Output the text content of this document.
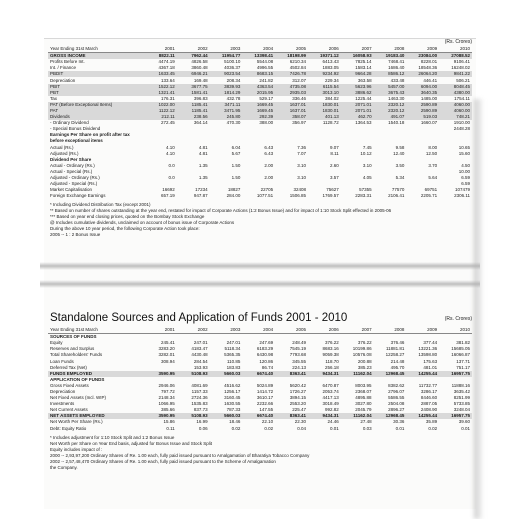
(Rs. Crores)
Year Ending 31st March	2001	2002	2003	2004	2005	2006	2007	2008	2009	2010
GROSS INCOME	8822.11	7962.44	11954.77	13398.41	18198.99	19371.12	16058.93	19183.40	23084.00	27088.52
Profits Before Int.	4474.19	4826.58	5100.10	5544.08	6210.34	6413.43	7825.14	7468.41	8228.01	9106.41
Int. / Finance	4367.18	3860.48	4036.37	4996.55	4502.84	1883.05	1583.14	1686.40	18548.36	16248.02
PBDIT	1633.45	6946.21	9023.54	8683.15	7426.78	9234.92	9664.28	8586.12	26064.20	9841.22
Depreciation	133.64	169.48	208.34	241.82	312.07	229.34	363.58	433.48	446.41	506.21
PBIT	1522.12	3677.75	3839.93	4363.54	4735.08	6115.54	5623.96	5457.00	6094.00	8048.45
PBT	1321.41	1581.41	1814.29	2015.95	2935.03	3013.10	3886.62	3675.43	3640.35	4380.00
Tax	176.31	396.83	432.78	529.17	336.46	384.02	1225.44	1463.30	1485.00	1754.11
PAT (Before Exceptional Items)	1022.00	1185.41	3471.11	1669.45	1637.01	1830.01	2071.01	2320.12	2590.89	4060.00
PAT	1122.12	1185.41	3471.95	1669.45	1637.01	1830.01	2071.01	2320.12	2590.89	4060.00
Dividends	212.11	238.56	245.80	292.39	358.07	401.13	462.70	491.07	519.03	748.21
- Ordinary Dividend	272.45	364.14	470.30	388.00	356.97	1128.72	1364.53	1540.18	1660.07	1910.00
- Special Bonus Dividend										2448.28
Earnings Per Share on profit after tax										
before exceptional items										
Actual (Rs.)	4.10	4.81	6.04	6.43	7.36	9.07	7.45	9.58	8.00	10.65
Adjusted (Rs.)	4.10	4.81	5.67	6.43	7.07	8.11	10.12	12.40	12.50	15.60
Dividend Per Share										
Actual - Ordinary (Rs.)	0.0	1.35	1.50	2.00	3.10	2.60	3.10	3.50	3.70	4.50
Actual - Special (Rs.)										10.00
Adjusted - Ordinary (Rs.)	0.0	1.35	1.50	2.00	3.10	3.57	4.05	5.34	5.64	6.59
Adjusted - Special (Rs.)										6.59
Market Capitalisation	16692	17234	18827	22705	32408	75627	57355	77570	69751	107479
Foreign Exchange Earnings	657.19	947.87	284.00	1077.51	1506.85	1769.57	2283.31	2106.41	2205.71	2306.11
* Including Dividend Distribution Tax (except 2001)
** Based on number of shares outstanding at the year end, restated for impact of Corporate Actions (1:2 Bonus Issue) and for impact of 1:10 Stock Split effected in 2005-06
*** Based on year end closing prices, quoted on the Bombay Stock Exchange
@ Includes cumulative dividends, unclaimed on account of bonus issue of Corporate Actions
During the above 10 year period, the following Corporate Action took place:
2005 -- 1 : 2 Bonus Issue
Standalone Sources and Application of Funds 2001 - 2010	(Rs. Crores)
Year Ending 31st March	2001	2002	2003	2004	2005	2006	2007	2008	2009	2010
SOURCES OF FUNDS										
Equity	245.41	247.01	247.01	247.69	248.49	376.22	376.22	376.46	377.44	381.82
Reserves and Surplus	3283.20	4183.47	5118.34	6183.29	7545.19	8683.16	10199.86	11881.81	13221.36	15685.05
Total Shareholders' Funds	3282.01	4430.48	5365.35	6430.98	7793.68	9059.38	10576.08	12258.27	13598.80	16066.87
Loan Funds	308.94	284.54	110.85	120.86	345.55	118.70	200.88	214.48	175.63	137.71
Deferred Tax (Net)		153.93	183.83	86.74	224.13	256.18	385.23	495.70	481.01	751.17
FUNDS EMPLOYED	3590.95	5108.93	5660.03	6674.40	8363.41	9434.31	11162.04	12968.45	14255.44	16957.75
APPLICATION OF FUNDS										
Gross Fixed Assets	2946.06	4081.69	4516.62	5024.89	5620.42	6470.87	8003.95	8382.62	11732.77	11888.16
Depreciation	797.72	1157.33	1256.17	1414.72	1726.27	2053.74	2368.07	2796.07	3286.17	3635.42
Net Fixed Assets (Incl. WIP)	2148.34	2724.36	3160.45	3610.17	3894.15	4417.13	4895.88	5586.55	8446.60	8251.99
Investments	1066.95	1535.83	1630.55	2232.66	2553.20	3018.49	3027.80	2504.08	2887.05	5733.85
Net Current Assets	385.66	837.73	787.33	147.55	225.47	992.82	2045.79	2896.27	2408.90	3248.04
NET ASSETS EMPLOYED	3590.95	5108.93	5660.03	6674.40	8363.41	9434.31	11162.04	12968.45	14255.44	16957.75
Net Worth Per Share (Rs.)	15.86	16.99	18.46	22.10	22.30	24.46	27.48	30.36	35.89	39.60
Debt: Equity Ratio	0.11	0.06	0.02	0.02	0.04	0.01	0.03	0.01	0.02	0.01
* Includes adjustment for 1:10 Stock Split and 1:2 Bonus Issue
Net Worth per Share on Year End basis, adjusted for Bonus Issue and Stock Split
Equity includes impact of :
2000 -- 2,93,97,200 Ordinary Shares of Re. 1.00 each, fully paid issued pursuant to Amalgamation of Bharatiya Tobacco Company
2002 -- 2,57,48,470 Ordinary Shares of Re. 1.00 each, fully paid issued pursuant to the Scheme of Amalgamation
the Company.
